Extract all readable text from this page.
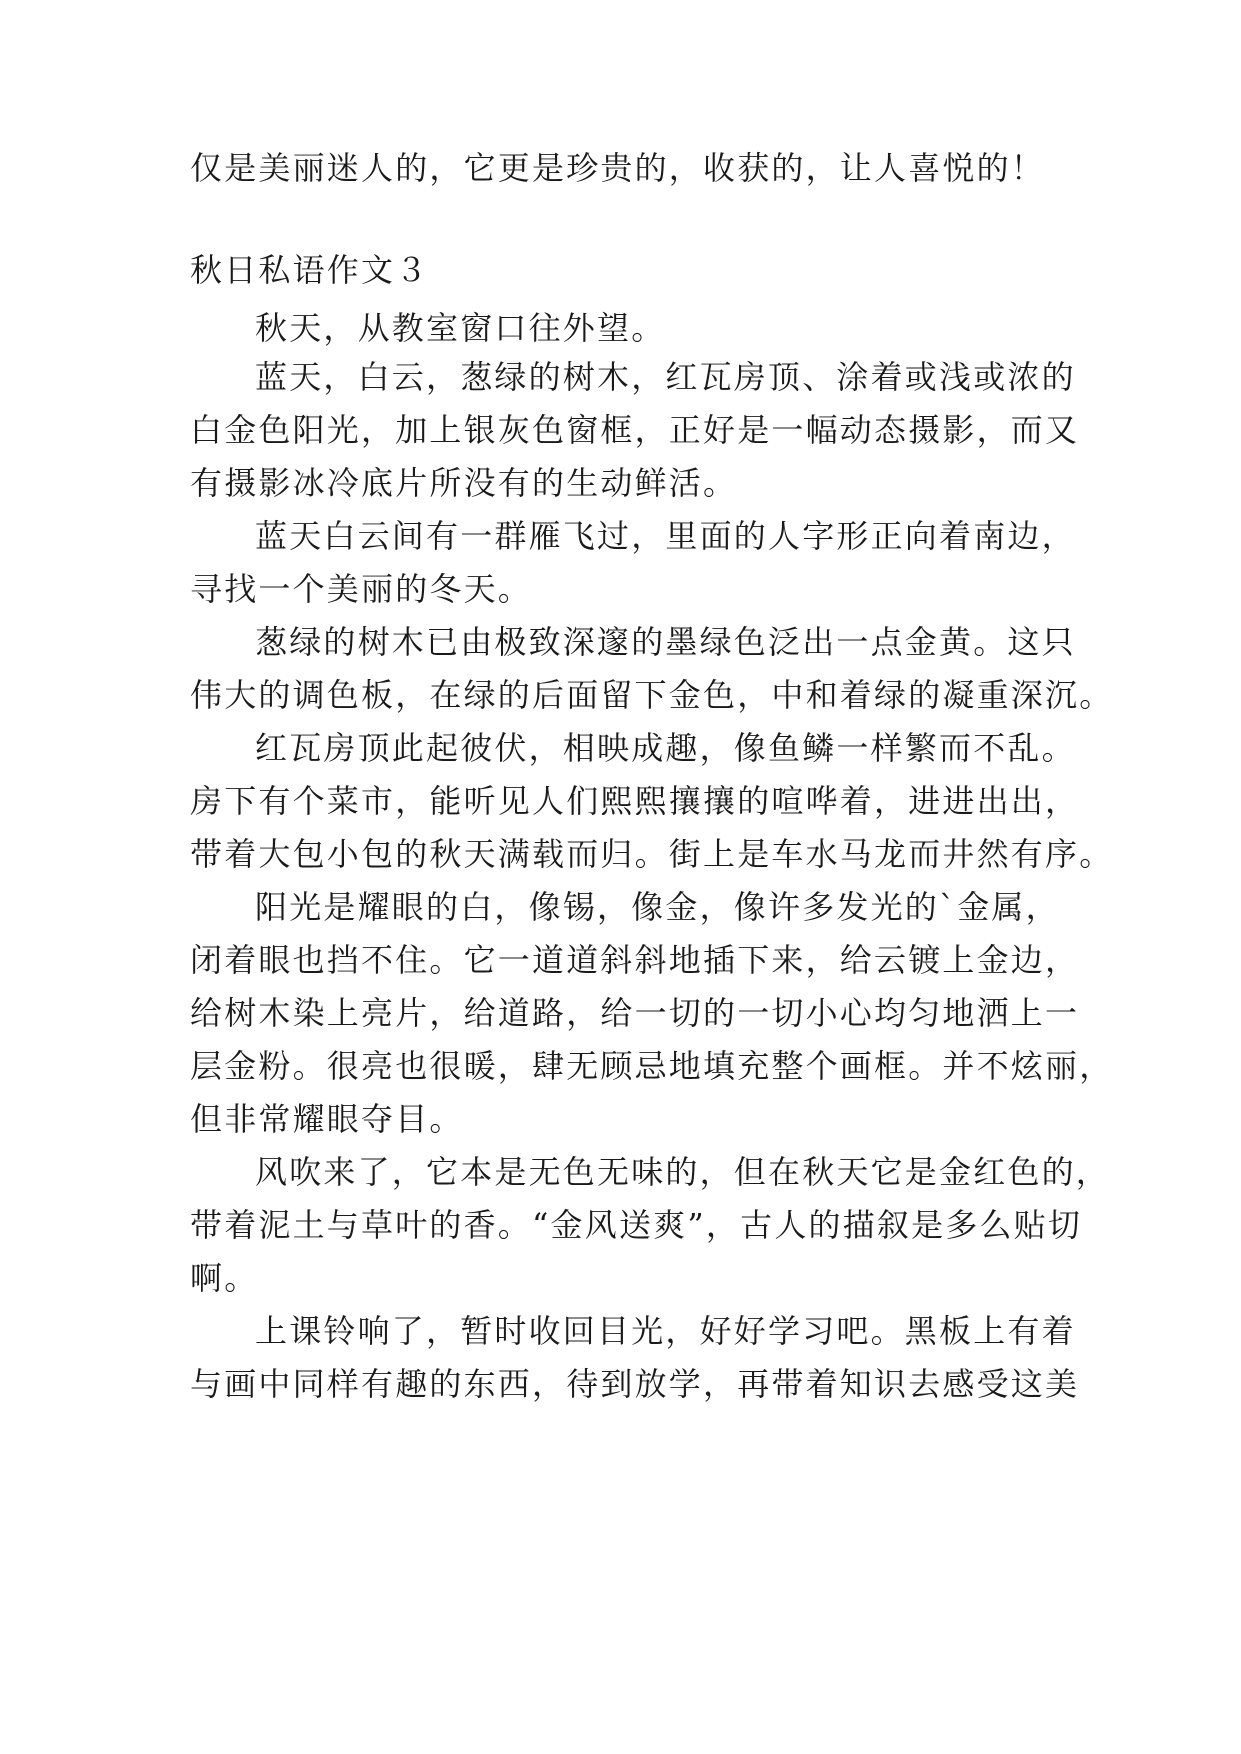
仅是美丽迷人的，它更是珍贵的，收获的，让人喜悦的！

秋日私语作文３

秋天，从教室窗口往外望。

蓝天，白云，葱绿的树木，红瓦房顶、涂着或浅或浓的

白金色阳光，加上银灰色窗框，正好是一幅动态摄影，而又

有摄影冰冷底片所没有的生动鲜活。

蓝天白云间有一群雁飞过，里面的人字形正向着南边，

寻找一个美丽的冬天。

葱绿的树木已由极致深邃的墨绿色泛出一点金黄。这只

伟大的调色板，在绿的后面留下金色，中和着绿的凝重深沉。

红瓦房顶此起彼伏，相映成趣，像鱼鳞一样繁而不乱。

房下有个菜市，能听见人们熙熙攘攘的喧哗着，进进出出，

带着大包小包的秋天满载而归。街上是车水马龙而井然有序。

阳光是耀眼的白，像锡，像金，像许多发光的`金属，

闭着眼也挡不住。它一道道斜斜地插下来，给云镀上金边，

给树木染上亮片，给道路，给一切的一切小心均匀地洒上一

层金粉。很亮也很暖，肆无顾忌地填充整个画框。并不炫丽，

但非常耀眼夺目。

风吹来了，它本是无色无味的，但在秋天它是金红色的，

带着泥土与草叶的香。“金风送爽”，古人的描叙是多么贴切

啊。

上课铃响了，暂时收回目光，好好学习吧。黑板上有着

与画中同样有趣的东西，待到放学，再带着知识去感受这美
